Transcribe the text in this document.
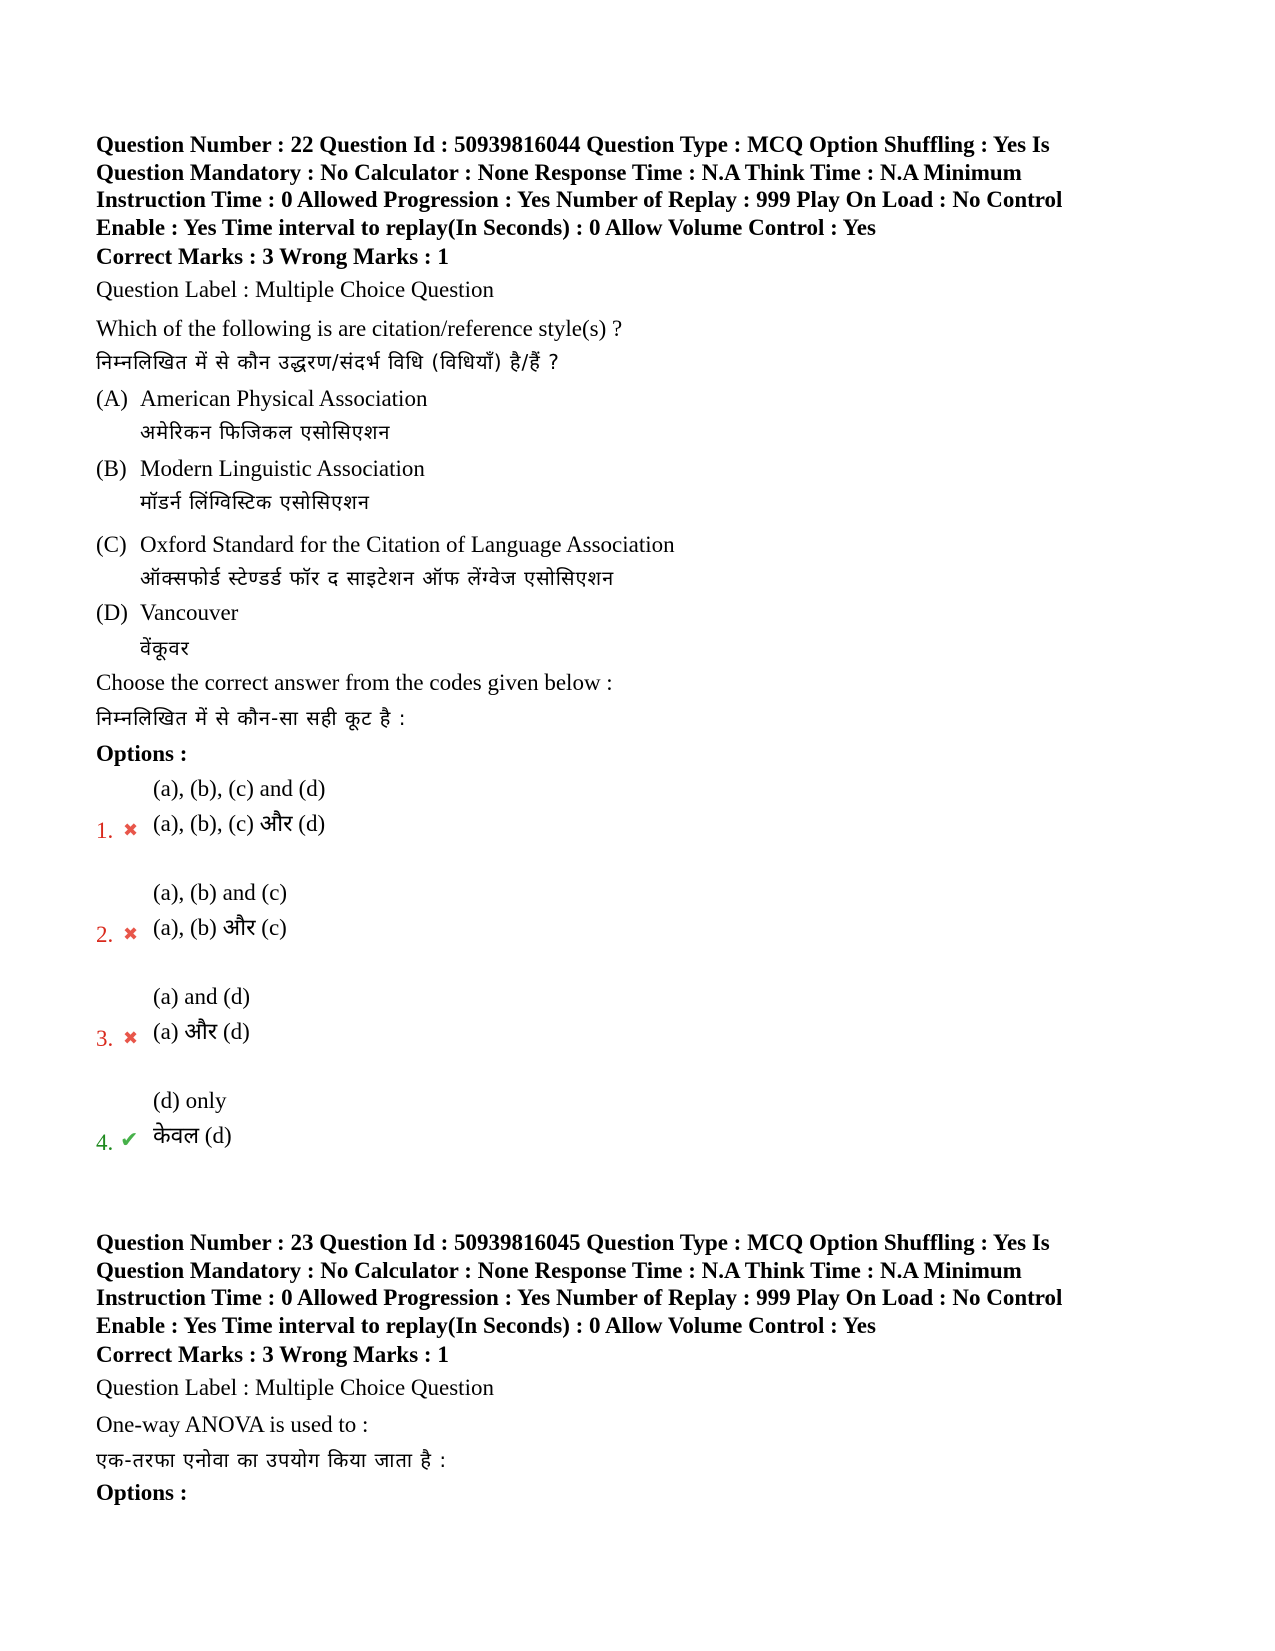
Question Number : 22 Question Id : 50939816044 Question Type : MCQ Option Shuffling : Yes Is
Question Mandatory : No Calculator : None Response Time : N.A Think Time : N.A Minimum
Instruction Time : 0 Allowed Progression : Yes Number of Replay : 999 Play On Load : No Control
Enable : Yes Time interval to replay(In Seconds) : 0 Allow Volume Control : Yes
Correct Marks : 3 Wrong Marks : 1
Question Label : Multiple Choice Question
Which of the following is are citation/reference style(s) ?
निम्नलिखित में से कौन उद्धरण/संदर्भ विधि (विधियाँ) है/हैं ?
(A) American Physical Association
अमेरिकन फिजिकल एसोसिएशन
(B) Modern Linguistic Association
मॉडर्न लिंग्विस्टिक एसोसिएशन
(C) Oxford Standard for the Citation of Language Association
ऑक्सफोर्ड स्टेण्डर्ड फॉर द साइटेशन ऑफ लेंग्वेज एसोसिएशन
(D) Vancouver
वेंकूवर
Choose the correct answer from the codes given below :
निम्नलिखित में से कौन-सा सही कूट है :
Options :
(a), (b), (c) and (d)
(a), (b), (c) और (d)
1. ✖
(a), (b) and (c)
(a), (b) और (c)
2. ✖
(a) and (d)
(a) और (d)
3. ✖
(d) only
केवल (d)
4. ✔
Question Number : 23 Question Id : 50939816045 Question Type : MCQ Option Shuffling : Yes Is
Question Mandatory : No Calculator : None Response Time : N.A Think Time : N.A Minimum
Instruction Time : 0 Allowed Progression : Yes Number of Replay : 999 Play On Load : No Control
Enable : Yes Time interval to replay(In Seconds) : 0 Allow Volume Control : Yes
Correct Marks : 3 Wrong Marks : 1
Question Label : Multiple Choice Question
One-way ANOVA is used to :
एक-तरफा एनोवा का उपयोग किया जाता है :
Options :
